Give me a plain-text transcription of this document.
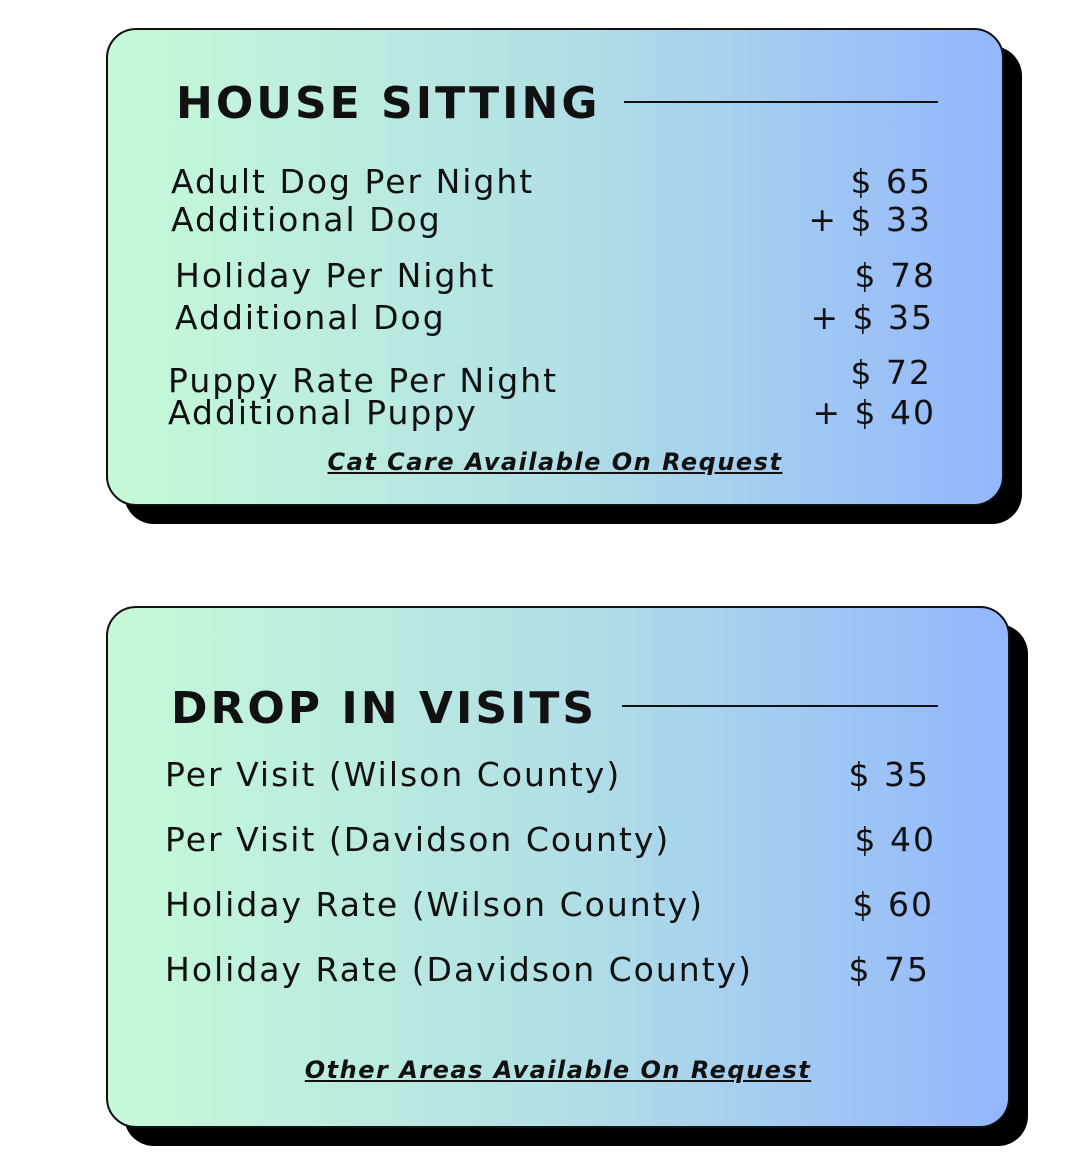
HOUSE SITTING
Adult Dog Per Night	$ 65
Additional Dog	+ $ 33
Holiday Per Night	$ 78
Additional Dog	+ $ 35
Puppy Rate Per Night	$ 72
Additional Puppy	+ $ 40
Cat Care Available On Request
DROP IN VISITS
Per Visit (Wilson County)	$ 35
Per Visit (Davidson County)	$ 40
Holiday Rate (Wilson County)	$ 60
Holiday Rate (Davidson County)	$ 75
Other Areas Available On Request
